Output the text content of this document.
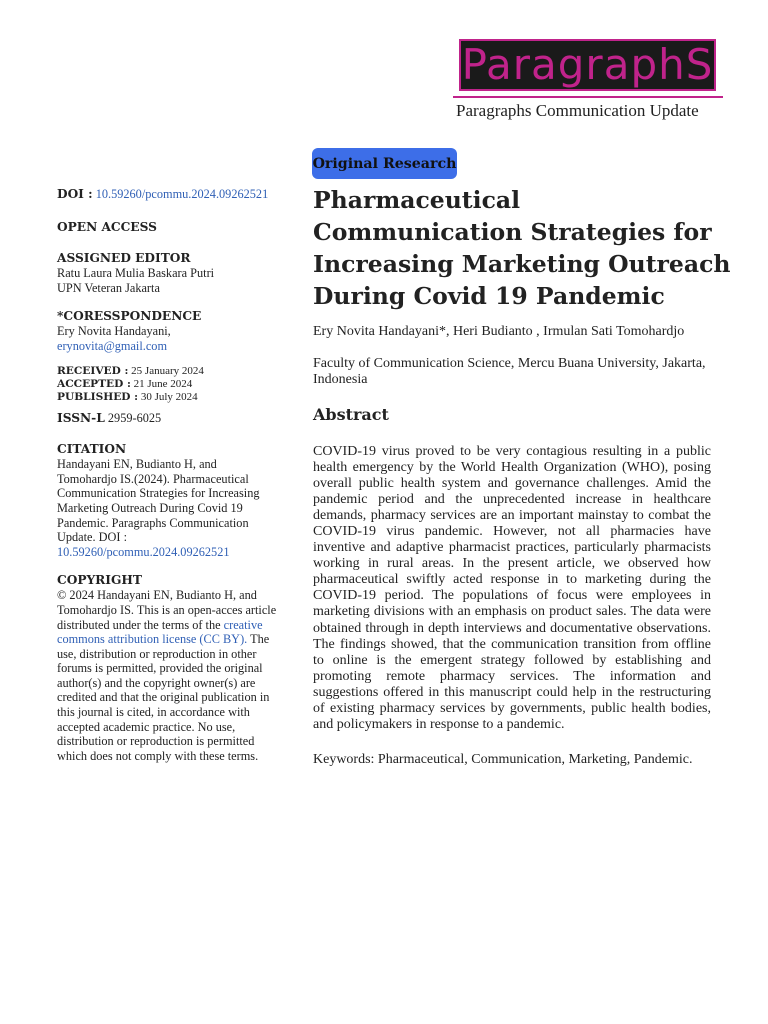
ParagraphS
Paragraphs Communication Update
DOI : 10.59260/pcommu.2024.09262521
OPEN ACCESS
ASSIGNED EDITOR
Ratu Laura Mulia Baskara Putri
UPN Veteran Jakarta
*CORESSPONDENCE
Ery Novita Handayani,
erynovita@gmail.com
RECEIVED : 25 January 2024
ACCEPTED : 21 June 2024
PUBLISHED : 30 July 2024
ISSN-L 2959-6025
CITATION
Handayani EN, Budianto H, and Tomohardjo IS.(2024). Pharmaceutical Communication Strategies for Increasing Marketing Outreach During Covid 19 Pandemic. Paragraphs Communication Update. DOI : 10.59260/pcommu.2024.09262521
COPYRIGHT
© 2024 Handayani EN, Budianto H, and Tomohardjo IS. This is an open-acces article distributed under the terms of the creative commons attribution license (CC BY). The use, distribution or reproduction in other forums is permitted, provided the original author(s) and the copyright owner(s) are credited and that the original publication in this journal is cited, in accordance with accepted academic practice. No use, distribution or reproduction is permitted which does not comply with these terms.
Original Research
Pharmaceutical Communication Strategies for Increasing Marketing Outreach During Covid 19 Pandemic
Ery Novita Handayani*, Heri Budianto , Irmulan Sati Tomohardjo
Faculty of Communication Science, Mercu Buana University, Jakarta, Indonesia
Abstract

COVID-19 virus proved to be very contagious resulting in a public health emergency by the World Health Organization (WHO), posing overall public health system and governance challenges. Amid the pandemic period and the unprecedented increase in healthcare demands, pharmacy services are an important mainstay to combat the COVID-19 virus pandemic. However, not all pharmacies have inventive and adaptive pharmacist practices, particularly pharmacists working in rural areas. In the present article, we observed how pharmaceutical swiftly acted response in to marketing during the COVID-19 period. The populations of focus were employees in marketing divisions with an emphasis on product sales. The data were obtained through in depth interviews and documentative observations. The findings showed, that the communication transition from offline to online is the emergent strategy followed by establishing and promoting remote pharmacy services. The information and suggestions offered in this manuscript could help in the restructuring of existing pharmacy services by governments, public health bodies, and policymakers in response to a pandemic.

Keywords: Pharmaceutical, Communication, Marketing, Pandemic.
